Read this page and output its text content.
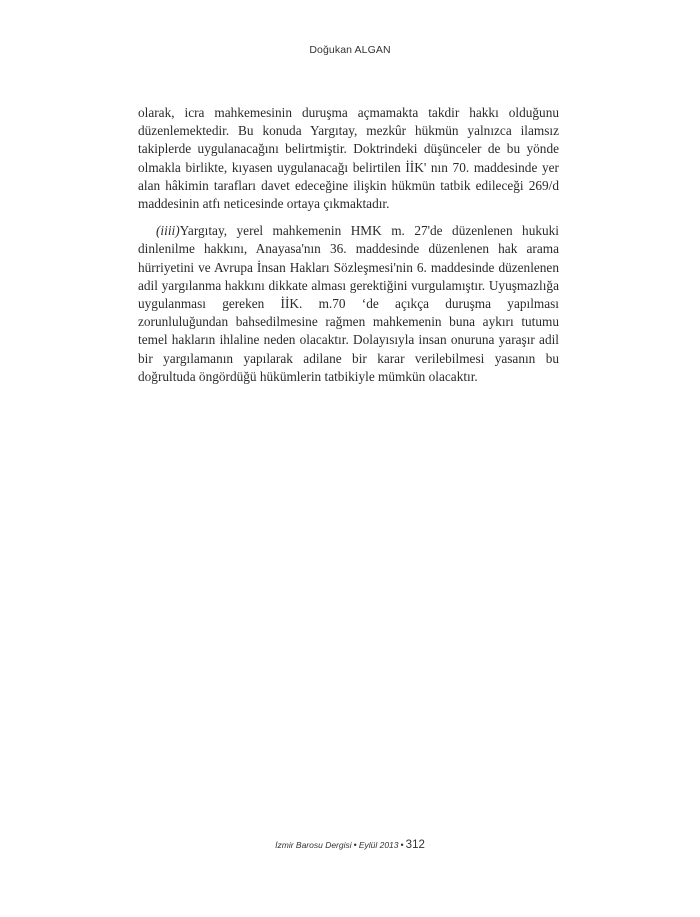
Doğukan ALGAN

olarak, icra mahkemesinin duruşma açmamakta takdir hakkı olduğunu düzenlemektedir. Bu konuda Yargıtay, mezkûr hükmün yalnızca ilamsız takiplerde uygulanacağını belirtmiştir. Doktrindeki düşünceler de bu yönde olmakla birlikte, kıyasen uygulanacağı belirtilen İİK' nın 70. maddesinde yer alan hâkimin tarafları davet edeceğine ilişkin hükmün tatbik edileceği 269/d maddesinin atfı neticesinde ortaya çıkmaktadır.

(iiii)Yargıtay, yerel mahkemenin HMK m. 27'de düzenlenen hukuki dinlenilme hakkını, Anayasa'nın 36. maddesinde düzenlenen hak arama hürriyetini ve Avrupa İnsan Hakları Sözleşmesi'nin 6. maddesinde düzenlenen adil yargılanma hakkını dikkate alması gerektiğini vurgulamıştır. Uyuşmazlığa uygulanması gereken İİK. m.70 ‘de açıkça duruşma yapılması zorunluluğundan bahsedilmesine rağmen mahkemenin buna aykırı tutumu temel hakların ihlaline neden olacaktır. Dolayısıyla insan onuruna yaraşır adil bir yargılamanın yapılarak adilane bir karar verilebilmesi yasanın bu doğrultuda öngördüğü hükümlerin tatbikiyle mümkün olacaktır.

İzmir Barosu Dergisi • Eylül 2013 • 312
